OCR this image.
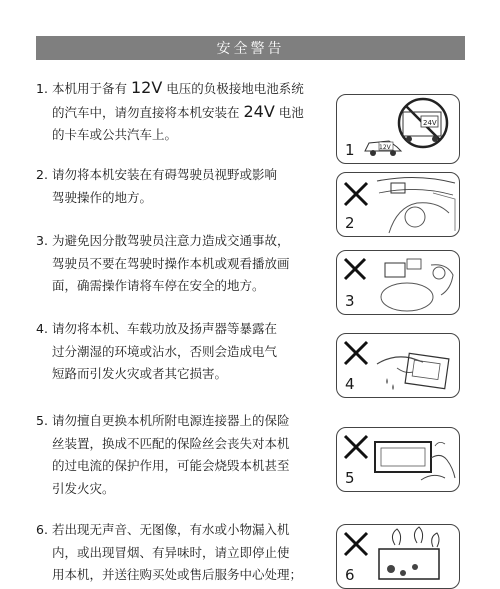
安全警告
1. 本机用于备有 12V 电压的负极接地电池系统
的汽车中，请勿直接将本机安装在 24V 电池
的卡车或公共汽车上。
2. 请勿将本机安装在有碍驾驶员视野或影响
驾驶操作的地方。
3. 为避免因分散驾驶员注意力造成交通事故，
驾驶员不要在驾驶时操作本机或观看播放画
面，确需操作请将车停在安全的地方。
4. 请勿将本机、车载功放及扬声器等暴露在
过分潮湿的环境或沾水，否则会造成电气
短路而引发火灾或者其它损害。
5. 请勿擅自更换本机所附电源连接器上的保险
丝装置，换成不匹配的保险丝会丧失对本机
的过电流的保护作用，可能会烧毁本机甚至
引发火灾。
6. 若出现无声音、无图像，有水或小物漏入机
内，或出现冒烟、有异味时，请立即停止使
用本机，并送往购买处或售后服务中心处理；
24V
12V
1
2
3
4
5
6
